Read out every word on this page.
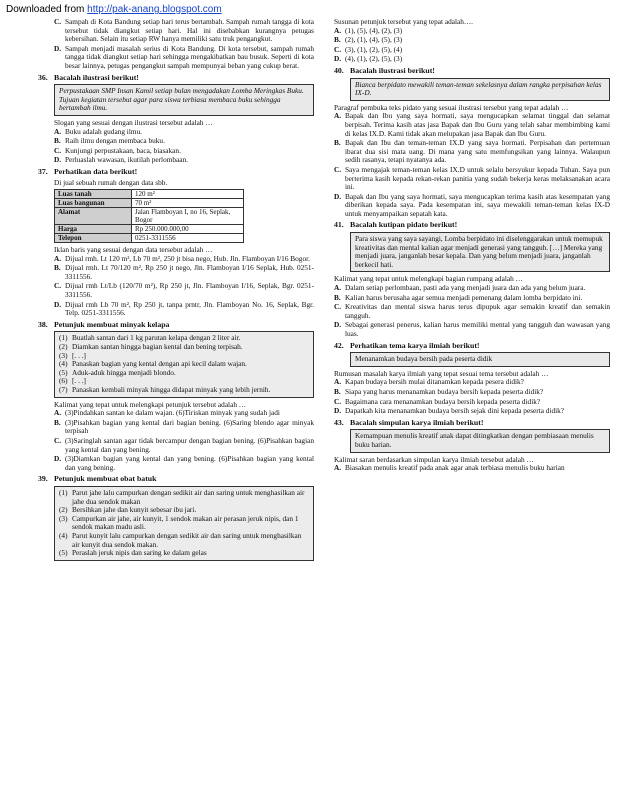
Downloaded from http://pak-anang.blogspot.com
C. Sampah di Kota Bandung setiap hari terus bertambah. Sampah rumah tangga di kota tersebut tidak diangkut setiap hari. Hal ini disebabkan kurangnya petugas kebersihan. Selain itu setiap RW hanya memiliki satu truk pengangkut.
D. Sampah menjadi masalah serius di Kota Bandung. Di kota tersebut, sampah rumah tangga tidak diangkut setiap hari sehingga mengakibatkan bau busuk. Seperti di kota besar lainnya, petugas pengangkut sampah mempunyai beban yang cukup berat.
36. Bacalah ilustrasi berikut!
Perpustakaan SMP Insan Kamil setiap bulan mengadakan Lomba Meringkas Buku. Tujuan kegiatan tersebut agar para siswa terbiasa membaca buku sehingga bertambah ilmu.
Slogan yang sesuai dengan ilustrasi tersebut adalah …
A. Buku adalah gudang ilmu.
B. Raih ilmu dengan membaca buku.
C. Kunjungi perpustakaan, baca, biasakan.
D. Perluaslah wawasan, ikutilah perlombaan.
37. Perhatikan data berikut!
Di jual sebuah rumah dengan data sbb.
Luas tanah	120 m²
Luas bangunan	70 m²
Alamat	Jalan Flamboyan I, no 16, Seplak, Bogor
Harga	Rp 250.000.000,00
Telepon	0251-3311556
Iklan baris yang sesuai dengan data tersebut adalah …
A. Dijual rmh. Lt 120 m², Lb 70 m², 250 jt bisa nego, Hub. Jln. Flamboyan I/16 Bogor.
B. Dijual rmh. Lt 70/120 m², Rp 250 jt nego, Jln. Flamboyan I/16 Seplak, Hub. 0251-3311556.
C. Dijual rmh Lt/Lb (120/70 m²), Rp 250 jt, Jln. Flamboyan I/16, Seplak, Bgr. 0251-3311556.
D. Dijual rmh Lb 70 m², Rp 250 jt, tanpa prntr, Jln. Flamboyan No. 16, Seplak, Bgr. Telp. 0251-3311556.
38. Petunjuk membuat minyak kelapa
(1) Buatlah santan dari 1 kg parutan kelapa dengan 2 liter air.
(2) Diamkan santan hingga bagian kental dan bening terpisah.
(3) [. . .]
(4) Panaskan bagian yang kental dengan api kecil dalam wajan.
(5) Aduk-aduk hingga menjadi blondo.
(6) [. . .]
(7) Panaskan kembali minyak hingga didapat minyak yang lebih jernih.
Kalimat yang tepat untuk melengkapi petunjuk tersebut adalah …
A. (3)Pindahkan santan ke dalam wajan. (6)Tiriskan minyak yang sudah jadi
B. (3)Pisahkan bagian yang kental dari bagian bening. (6)Saring blendo agar minyak terpisah
C. (3)Saringlah santan agar tidak bercampur dengan bagian bening. (6)Pisahkan bagian yang kental dan yang bening.
D. (3)Diamkan bagian yang kental dan yang bening. (6)Pisahkan bagian yang kental dan yang bening.
39. Petunjuk membuat obat batuk
(1) Parut jahe lalu campurkan dengan sedikit air dan saring untuk menghasilkan air jahe dua sendok makan
(2) Bersihkan jahe dan kunyit sebesar ibu jari.
(3) Campurkan air jahe, air kunyit, 1 sendok makan air perasan jeruk nipis, dan 1 sendok makan madu asli.
(4) Parut kunyit lalu campurkan dengan sedikit air dan saring untuk menghasilkan air kunyit dua sendok makan.
(5) Peraslah jeruk nipis dan saring ke dalam gelas
Susunan petunjuk tersebut yang tepat adalah….
A. (1), (5), (4), (2), (3)
B. (2), (1), (4), (5), (3)
C. (3), (1), (2), (5), (4)
D. (4), (1), (2), (5), (3)
40. Bacalah ilustrasi berikut!
Bianca berpidato mewakili teman-teman sekelasnya dalam rangka perpisahan kelas IX-D.
Paragraf pembuka teks pidato yang sesuai ilustrasi tersebut yang tepat adalah …
A. Bapak dan Ibu yang saya hormati, saya mengucapkan selamat tinggal dan selamat berpisah. Terima kasih atas jasa Bapak dan Ibu Guru yang telah sabar membimbing kami di kelas IX.D. Kami tidak akan melupakan jasa Bapak dan Ibu Guru.
B. Bapak dan Ibu dan teman-teman IX.D yang saya hormati. Perpisahan dan pertemuan ibarat dua sisi mata uang. Di mana yang satu memfungsikan yang lainnya. Walaupun sedih rasanya, tetapi nyatanya ada.
C. Saya mengajak teman-teman kelas IX.D untuk selalu bersyukur kepada Tuhan. Saya pun berterima kasih kepada rekan-rekan panitia yang sudah bekerja keras melaksanakan acara ini.
D. Bapak dan Ibu yang saya hormati, saya mengucapkan terima kasih atas kesempatan yang diberikan kepada saya. Pada kesempatan ini, saya mewakili teman-teman kelas IX-D untuk menyampaikan sepatah kata.
41. Bacalah kutipan pidato berikut!
Para siswa yang saya sayangi, Lomba berpidato ini diselenggarakan untuk memupuk kreativitas dan mental kalian agar menjadi generasi yang tangguh. […] Mereka yang menjadi juara, janganlah besar kepala. Dan yang belum menjadi juara, janganlah berkecil hati.
Kalimat yang tepat untuk melengkapi bagian rumpang adalah …
A. Dalam setiap perlombaan, pasti ada yang menjadi juara dan ada yang belum juara.
B. Kalian harus berusaha agar semua menjadi pemenang dalam lomba berpidato ini.
C. Kreativitas dan mental siswa harus terus dipupuk agar semakin kreatif dan semakin tangguh.
D. Sebagai generasi penerus, kalian harus memiliki mental yang tangguh dan wawasan yang luas.
42. Perhatikan tema karya ilmiah berikut!
Menanamkan budaya bersih pada peserta didik
Rumusan masalah karya ilmiah yang tepat sesuai tema tersebut adalah …
A. Kapan budaya bersih mulai ditanamkan kepada pesera didik?
B. Siapa yang harus menanamkan budaya bersih kepada peserta didik?
C. Bagaimana cara menanamkan budaya bersih kepada peserta didik?
D. Dapatkah kita menanamkan budaya bersih sejak dini kepada peserta didik?
43. Bacalah simpulan karya ilmiah berikut!
Kemampuan menulis kreatif anak dapat ditingkatkan dengan pembiasaan menulis buku harian.
Kalimat saran berdasarkan simpulan karya ilmiah tersebut adalah …
A. Biasakan menulis kreatif pada anak agar anak terbiasa menulis buku harian
